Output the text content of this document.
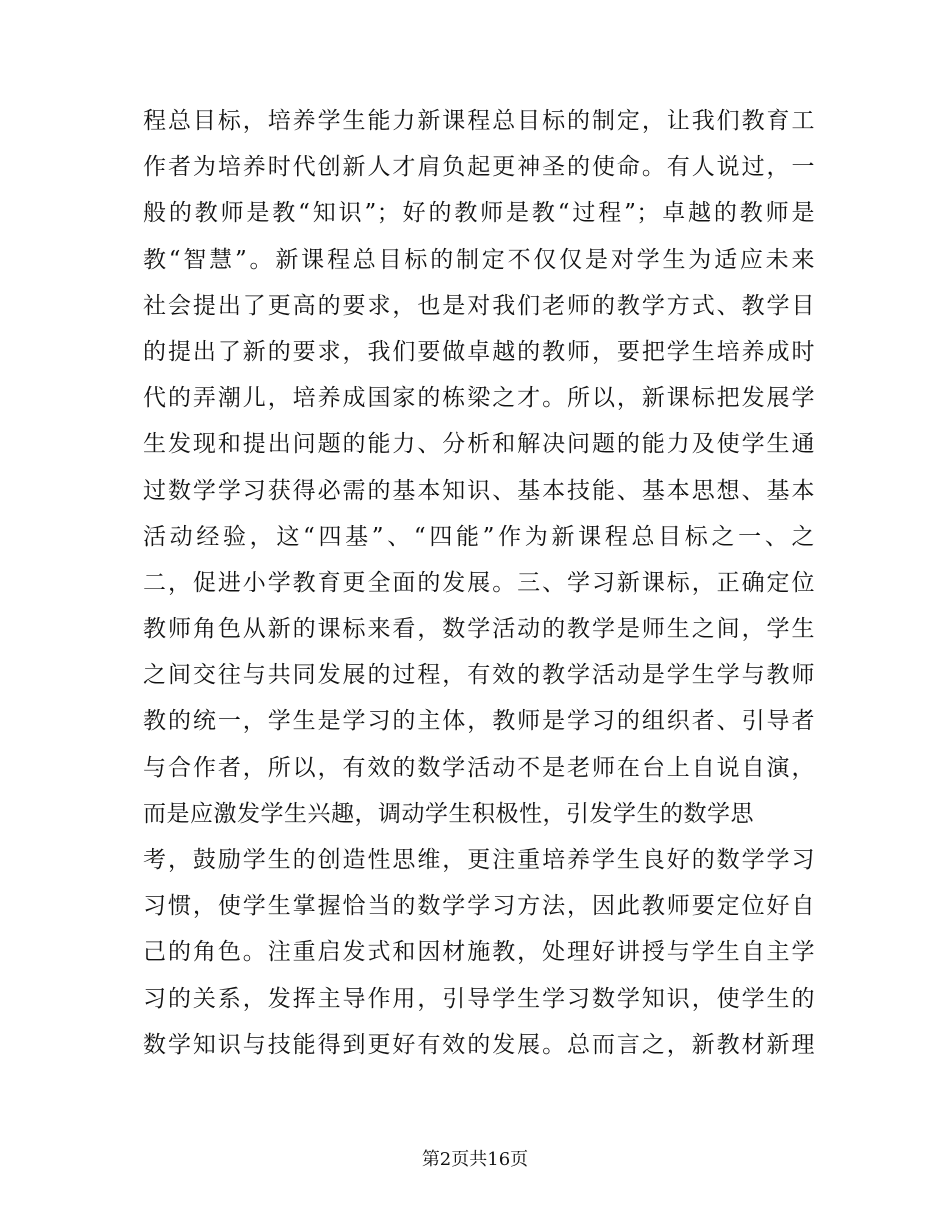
程总目标，培养学生能力新课程总目标的制定，让我们教育工
作者为培养时代创新人才肩负起更神圣的使命。有人说过，一
般的教师是教“知识”；好的教师是教“过程”；卓越的教师是
教“智慧”。新课程总目标的制定不仅仅是对学生为适应未来
社会提出了更高的要求，也是对我们老师的教学方式、教学目
的提出了新的要求，我们要做卓越的教师，要把学生培养成时
代的弄潮儿，培养成国家的栋梁之才。所以，新课标把发展学
生发现和提出问题的能力、分析和解决问题的能力及使学生通
过数学学习获得必需的基本知识、基本技能、基本思想、基本
活动经验，这“四基”、“四能”作为新课程总目标之一、之
二，促进小学教育更全面的发展。三、学习新课标，正确定位
教师角色从新的课标来看，数学活动的教学是师生之间，学生
之间交往与共同发展的过程，有效的教学活动是学生学与教师
教的统一，学生是学习的主体，教师是学习的组织者、引导者
与合作者，所以，有效的数学活动不是老师在台上自说自演，
而是应激发学生兴趣，调动学生积极性，引发学生的数学思
考，鼓励学生的创造性思维，更注重培养学生良好的数学学习
习惯，使学生掌握恰当的数学学习方法，因此教师要定位好自
己的角色。注重启发式和因材施教，处理好讲授与学生自主学
习的关系，发挥主导作用，引导学生学习数学知识，使学生的
数学知识与技能得到更好有效的发展。总而言之，新教材新理
第2页共16页
